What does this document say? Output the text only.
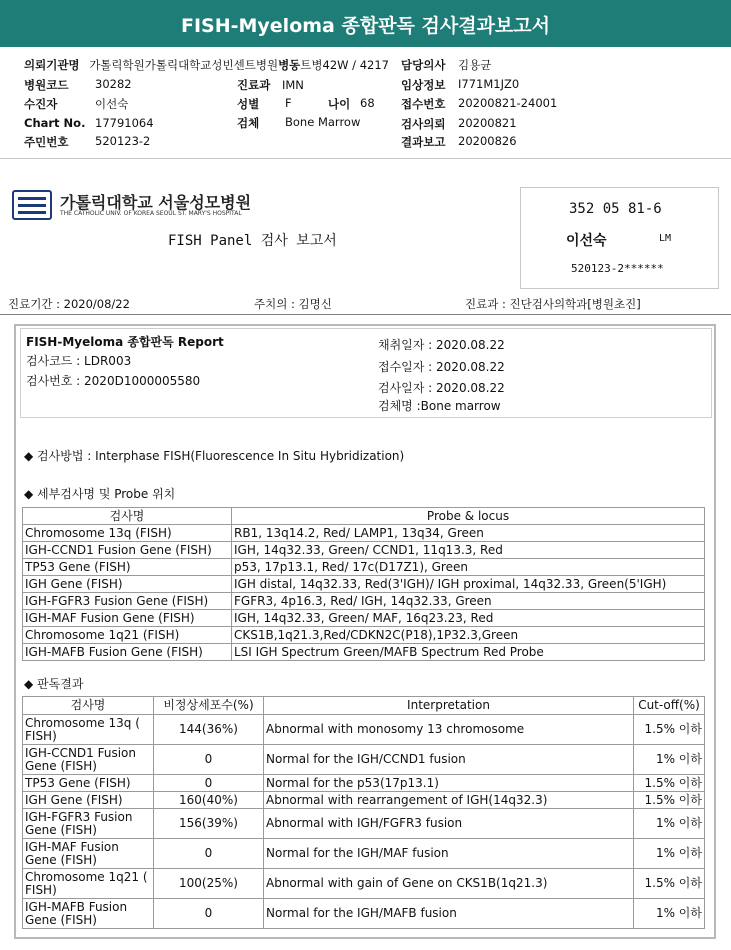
FISH-Myeloma 종합판독 검사결과보고서
의뢰기관명 가톨릭학원가톨릭대학교성빈센트병원병동트병42W / 4217
병원코드 30282	진료과 IMN
수진자	이선숙	성별 F	나이 68
Chart No. 17791064	검체 Bone Marrow
주민번호 520123-2
담당의사 김용균
임상정보 I771M1JZ0
접수번호 20200821-24001
검사의뢰 20200821
결과보고 20200826
가톨릭대학교 서울성모병원
THE CATHOLIC UNIV. OF KOREA SEOUL ST. MARY'S HOSPITAL
FISH Panel 검사 보고서
352 05 81-6
이선숙	LM
520123-2******
진료기간 : 2020/08/22	주치의 : 김명신	진료과 : 진단검사의학과[병원초진]
FISH-Myeloma 종합판독 Report
검사코드 : LDR003
검사번호 : 2020D1000005580
채취일자 : 2020.08.22
접수일자 : 2020.08.22
검사일자 : 2020.08.22
검체명 :Bone marrow
◆ 검사방법 : Interphase FISH(Fluorescence In Situ Hybridization)
◆ 세부검사명 및 Probe 위치
검사명	Probe & locus
Chromosome 13q (FISH)	RB1, 13q14.2, Red/ LAMP1, 13q34, Green
IGH-CCND1 Fusion Gene (FISH)	IGH, 14q32.33, Green/ CCND1, 11q13.3, Red
TP53 Gene (FISH)	p53, 17p13.1, Red/ 17c(D17Z1), Green
IGH Gene (FISH)	IGH distal, 14q32.33, Red(3'IGH)/ IGH proximal, 14q32.33, Green(5'IGH)
IGH-FGFR3 Fusion Gene (FISH)	FGFR3, 4p16.3, Red/ IGH, 14q32.33, Green
IGH-MAF Fusion Gene (FISH)	IGH, 14q32.33, Green/ MAF, 16q23.23, Red
Chromosome 1q21 (FISH)	CKS1B,1q21.3,Red/CDKN2C(P18),1P32.3,Green
IGH-MAFB Fusion Gene (FISH)	LSI IGH Spectrum Green/MAFB Spectrum Red Probe
◆ 판독결과
검사명	비정상세포수(%)	Interpretation	Cut-off(%)
Chromosome 13q ( FISH)	144(36%)	Abnormal with monosomy 13 chromosome	1.5% 이하
IGH-CCND1 Fusion Gene (FISH)	0	Normal for the IGH/CCND1 fusion	1% 이하
TP53 Gene (FISH)	0	Normal for the p53(17p13.1)	1.5% 이하
IGH Gene (FISH)	160(40%)	Abnormal with rearrangement of IGH(14q32.3)	1.5% 이하
IGH-FGFR3 Fusion Gene (FISH)	156(39%)	Abnormal with IGH/FGFR3 fusion	1% 이하
IGH-MAF Fusion Gene (FISH)	0	Normal for the IGH/MAF fusion	1% 이하
Chromosome 1q21 ( FISH)	100(25%)	Abnormal with gain of Gene on CKS1B(1q21.3)	1.5% 이하
IGH-MAFB Fusion Gene (FISH)	0	Normal for the IGH/MAFB fusion	1% 이하
